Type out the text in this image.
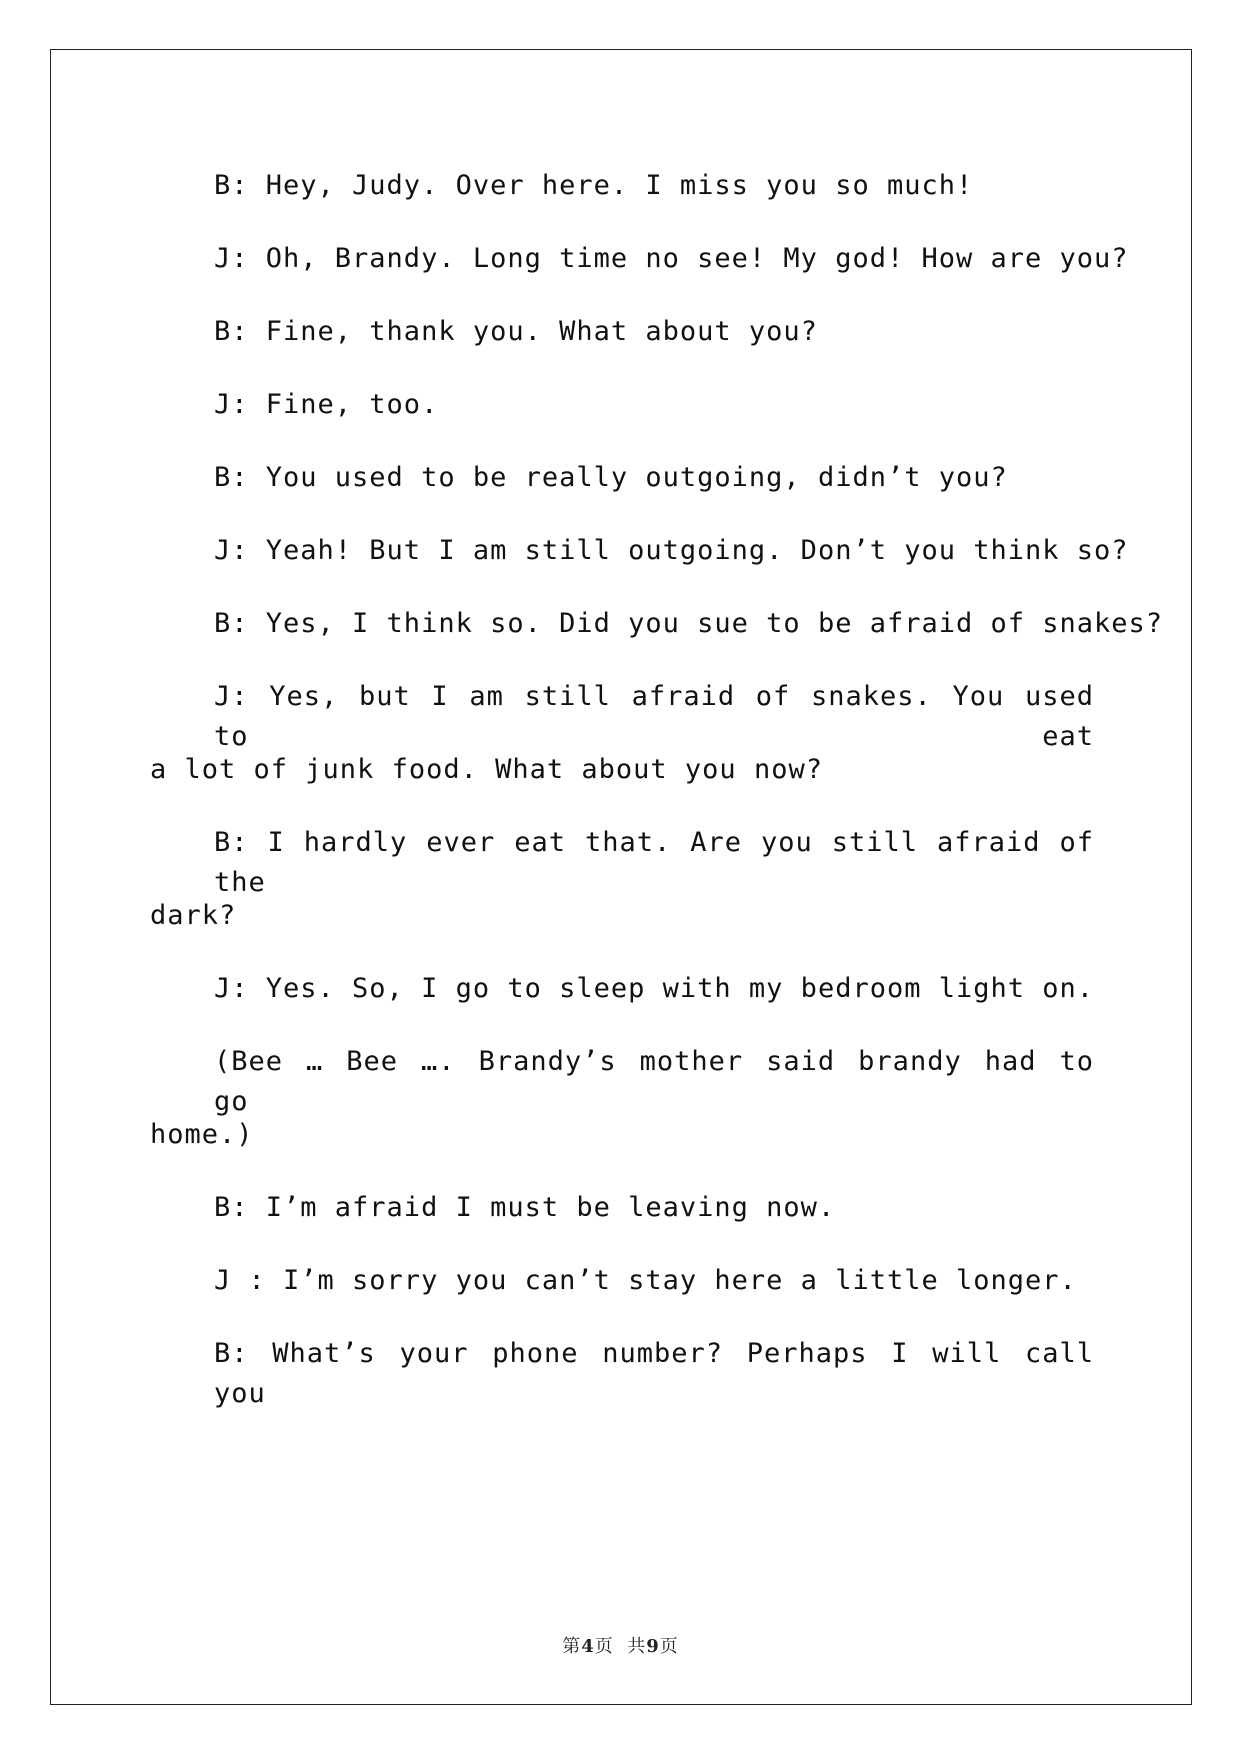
B: Hey, Judy. Over here. I miss you so much!
J: Oh, Brandy. Long time no see! My god! How are you?
B: Fine, thank you. What about you?
J: Fine, too.
B: You used to be really outgoing, didn’t you?
J: Yeah! But I am still outgoing. Don’t you think so?
B: Yes, I think so. Did you sue to be afraid of snakes?
J: Yes, but I am still afraid of snakes. You used to eat
a lot of junk food. What about you now?
B: I hardly ever eat that. Are you still afraid of the
dark?
J: Yes. So, I go to sleep with my bedroom light on.
(Bee … Bee …. Brandy’s mother said brandy had to go
home.)
B: I’m afraid I must be leaving now.
J : I’m sorry you can’t stay here a little longer.
B: What’s your phone number? Perhaps I will call you
第4页  共9页
